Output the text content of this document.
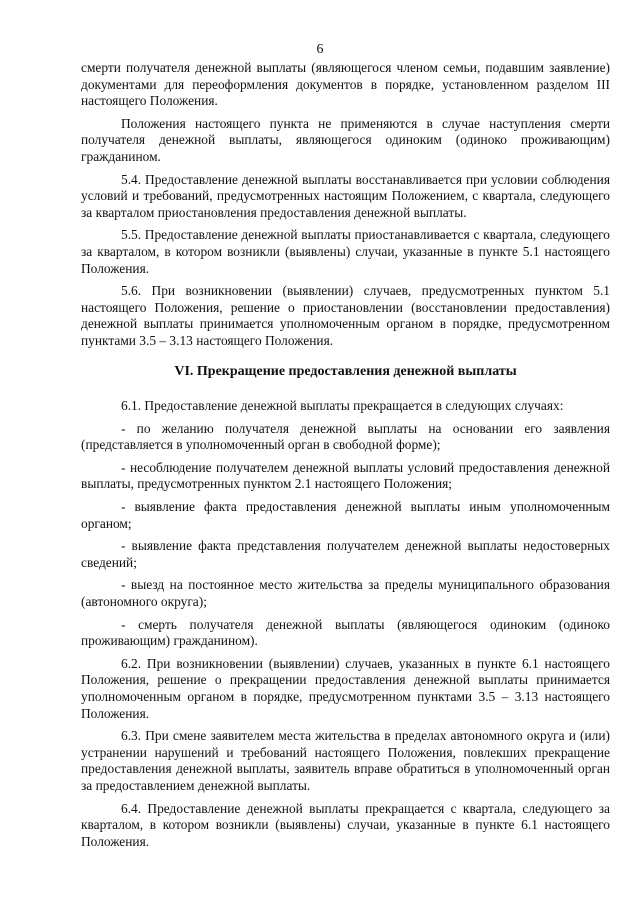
6

смерти получателя денежной выплаты (являющегося членом семьи, подавшим заявление) документами для переоформления документов в порядке, установленном разделом III настоящего Положения.

Положения настоящего пункта не применяются в случае наступления смерти получателя денежной выплаты, являющегося одиноким (одиноко проживающим) гражданином.

5.4. Предоставление денежной выплаты восстанавливается при условии соблюдения условий и требований, предусмотренных настоящим Положением, с квартала, следующего за кварталом приостановления предоставления денежной выплаты.

5.5. Предоставление денежной выплаты приостанавливается с квартала, следующего за кварталом, в котором возникли (выявлены) случаи, указанные в пункте 5.1 настоящего Положения.

5.6. При возникновении (выявлении) случаев, предусмотренных пунктом 5.1 настоящего Положения, решение о приостановлении (восстановлении предоставления) денежной выплаты принимается уполномоченным органом в порядке, предусмотренном пунктами 3.5 – 3.13 настоящего Положения.

VI. Прекращение предоставления денежной выплаты

6.1. Предоставление денежной выплаты прекращается в следующих случаях:

- по желанию получателя денежной выплаты на основании его заявления (представляется в уполномоченный орган в свободной форме);

- несоблюдение получателем денежной выплаты условий предоставления денежной выплаты, предусмотренных пунктом 2.1 настоящего Положения;

- выявление факта предоставления денежной выплаты иным уполномоченным органом;

- выявление факта представления получателем денежной выплаты недостоверных сведений;

- выезд на постоянное место жительства за пределы муниципального образования (автономного округа);

- смерть получателя денежной выплаты (являющегося одиноким (одиноко проживающим) гражданином).

6.2. При возникновении (выявлении) случаев, указанных в пункте 6.1 настоящего Положения, решение о прекращении предоставления денежной выплаты принимается уполномоченным органом в порядке, предусмотренном пунктами 3.5 – 3.13 настоящего Положения.

6.3. При смене заявителем места жительства в пределах автономного округа и (или) устранении нарушений и требований настоящего Положения, повлекших прекращение предоставления денежной выплаты, заявитель вправе обратиться в уполномоченный орган за предоставлением денежной выплаты.

6.4. Предоставление денежной выплаты прекращается с квартала, следующего за кварталом, в котором возникли (выявлены) случаи, указанные в пункте 6.1 настоящего Положения.
